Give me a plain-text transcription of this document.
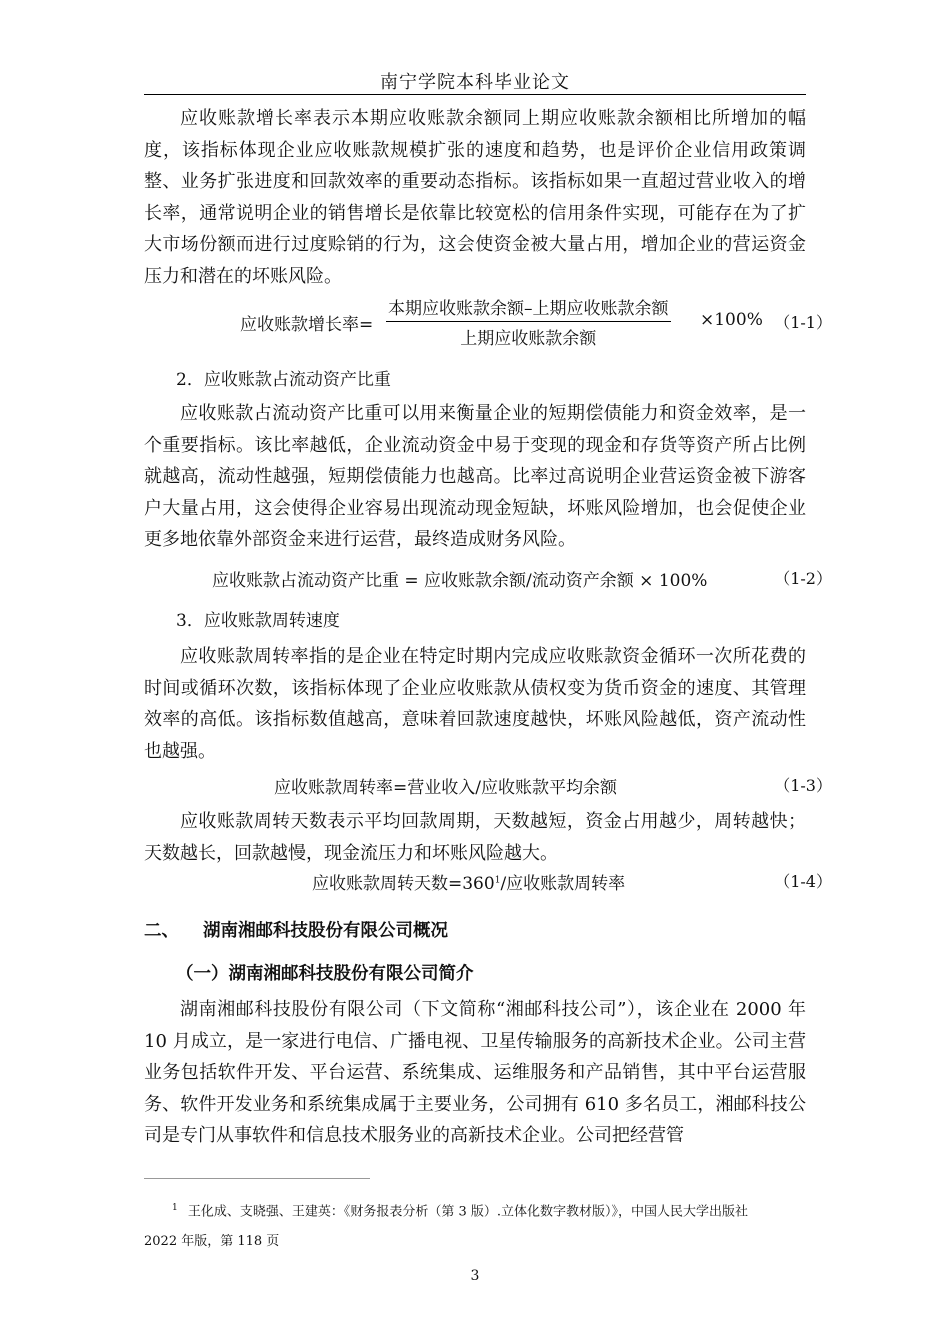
南宁学院本科毕业论文

应收账款增长率表示本期应收账款余额同上期应收账款余额相比所增加的幅度，该指标体现企业应收账款规模扩张的速度和趋势，也是评价企业信用政策调整、业务扩张进度和回款效率的重要动态指标。该指标如果一直超过营业收入的增长率，通常说明企业的销售增长是依靠比较宽松的信用条件实现，可能存在为了扩大市场份额而进行过度赊销的行为，这会使资金被大量占用，增加企业的营运资金压力和潜在的坏账风险。

应收账款增长率=
本期应收账款余额–上期应收账款余额
上期应收账款余额
×100% （1-1）
2．应收账款占流动资产比重

应收账款占流动资产比重可以用来衡量企业的短期偿债能力和资金效率，是一个重要指标。该比率越低，企业流动资金中易于变现的现金和存货等资产所占比例就越高，流动性越强，短期偿债能力也越高。比率过高说明企业营运资金被下游客户大量占用，这会使得企业容易出现流动现金短缺，坏账风险增加，也会促使企业更多地依靠外部资金来进行运营，最终造成财务风险。

应收账款占流动资产比重 = 应收账款余额/流动资产余额 × 100%	（1-2）
3．应收账款周转速度

应收账款周转率指的是企业在特定时期内完成应收账款资金循环一次所花费的时间或循环次数，该指标体现了企业应收账款从债权变为货币资金的速度、其管理效率的高低。该指标数值越高，意味着回款速度越快，坏账风险越低，资产流动性也越强。

应收账款周转率=营业收入/应收账款平均余额	（1-3）

应收账款周转天数表示平均回款周期，天数越短，资金占用越少，周转越快；天数越长，回款越慢，现金流压力和坏账风险越大。

应收账款周转天数$=360^1/$应收账款周转率	（1-4）
二、 湖南湘邮科技股份有限公司概况
（一）湖南湘邮科技股份有限公司简介

湖南湘邮科技股份有限公司（下文简称“湘邮科技公司”），该企业在 2000 年 10 月成立，是一家进行电信、广播电视、卫星传输服务的高新技术企业。公司主营业务包括软件开发、平台运营、系统集成、运维服务和产品销售，其中平台运营服务、软件开发业务和系统集成属于主要业务，公司拥有 610 多名员工，湘邮科技公司是专门从事软件和信息技术服务业的高新技术企业。公司把经营管

$^1$ 王化成、支晓强、王建英：《财务报表分析（第 3 版）.立体化数字教材版）》，中国人民大学出版社
2022 年版，第 118 页
3
